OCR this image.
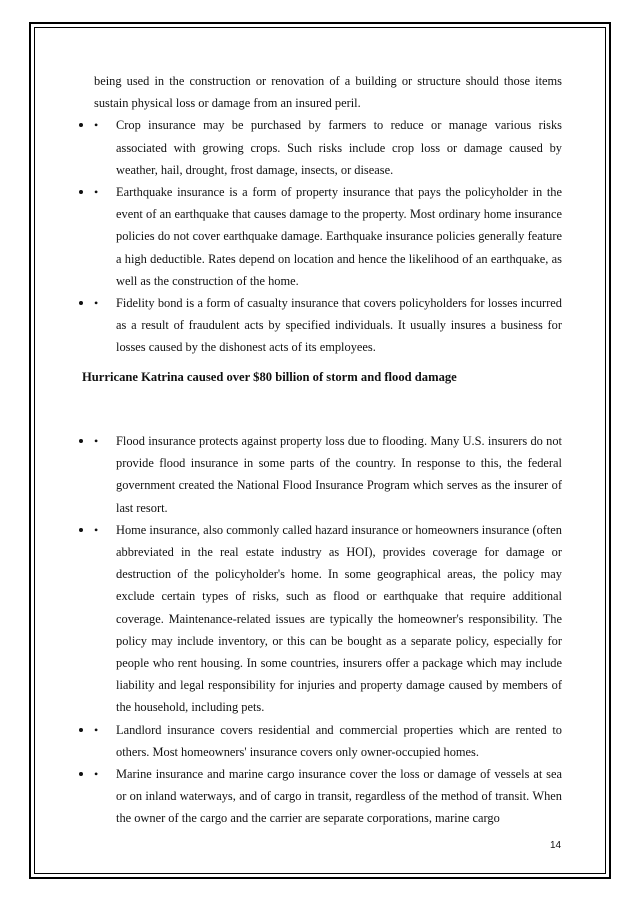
being used in the construction or renovation of a building or structure should those items sustain physical loss or damage from an insured peril.

• • Crop insurance may be purchased by farmers to reduce or manage various risks associated with growing crops. Such risks include crop loss or damage caused by weather, hail, drought, frost damage, insects, or disease.

• • Earthquake insurance is a form of property insurance that pays the policyholder in the event of an earthquake that causes damage to the property. Most ordinary home insurance policies do not cover earthquake damage. Earthquake insurance policies generally feature a high deductible. Rates depend on location and hence the likelihood of an earthquake, as well as the construction of the home.

• • Fidelity bond is a form of casualty insurance that covers policyholders for losses incurred as a result of fraudulent acts by specified individuals. It usually insures a business for losses caused by the dishonest acts of its employees.

Hurricane Katrina caused over $80 billion of storm and flood damage
• • Flood insurance protects against property loss due to flooding. Many U.S. insurers do not provide flood insurance in some parts of the country. In response to this, the federal government created the National Flood Insurance Program which serves as the insurer of last resort.

• • Home insurance, also commonly called hazard insurance or homeowners insurance (often abbreviated in the real estate industry as HOI), provides coverage for damage or destruction of the policyholder's home. In some geographical areas, the policy may exclude certain types of risks, such as flood or earthquake that require additional coverage. Maintenance-related issues are typically the homeowner's responsibility. The policy may include inventory, or this can be bought as a separate policy, especially for people who rent housing. In some countries, insurers offer a package which may include liability and legal responsibility for injuries and property damage caused by members of the household, including pets.

• • Landlord insurance covers residential and commercial properties which are rented to others. Most homeowners' insurance covers only owner-occupied homes.

• • Marine insurance and marine cargo insurance cover the loss or damage of vessels at sea or on inland waterways, and of cargo in transit, regardless of the method of transit. When the owner of the cargo and the carrier are separate corporations, marine cargo

14
